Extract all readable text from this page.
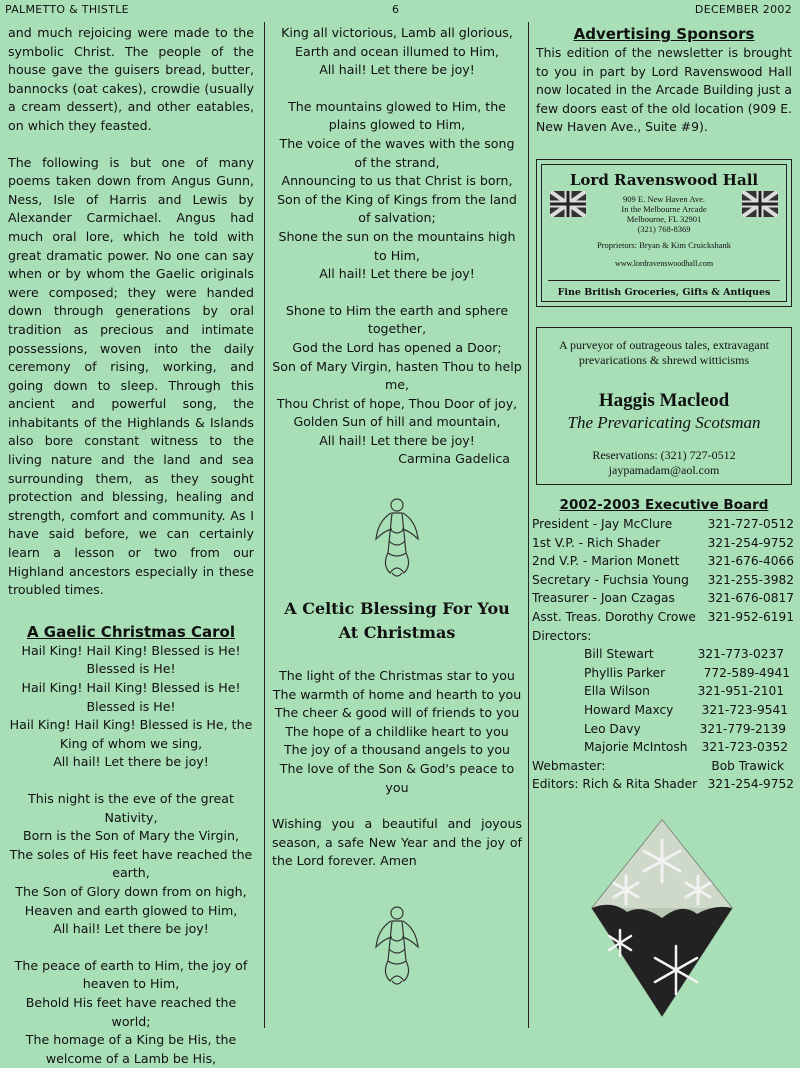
PALMETTO & THISTLE	6	DECEMBER 2002

and much rejoicing were made to the symbolic Christ. The people of the house gave the guisers bread, butter, bannocks (oat cakes), crowdie (usually a cream dessert), and other eatables, on which they feasted.

The following is but one of many poems taken down from Angus Gunn, Ness, Isle of Harris and Lewis by Alexander Carmichael. Angus had much oral lore, which he told with great dramatic power. No one can say when or by whom the Gaelic originals were composed; they were handed down through generations by oral tradition as precious and intimate possessions, woven into the daily ceremony of rising, working, and going down to sleep. Through this ancient and powerful song, the inhabitants of the Highlands & Islands also bore constant witness to the living nature and the land and sea surrounding them, as they sought protection and blessing, healing and strength, comfort and community. As I have said before, we can certainly learn a lesson or two from our Highland ancestors especially in these troubled times.

A Gaelic Christmas Carol
Hail King! Hail King! Blessed is He! Blessed is He!
Hail King! Hail King! Blessed is He! Blessed is He!
Hail King! Hail King! Blessed is He, the King of whom we sing,
All hail! Let there be joy!
This night is the eve of the great Nativity,
Born is the Son of Mary the Virgin,
The soles of His feet have reached the earth,
The Son of Glory down from on high,
Heaven and earth glowed to Him,
All hail! Let there be joy!
The peace of earth to Him, the joy of heaven to Him,
Behold His feet have reached the world;
The homage of a King be His, the welcome of a Lamb be His,
King all victorious, Lamb all glorious,
Earth and ocean illumed to Him,
All hail! Let there be joy!
The mountains glowed to Him, the plains glowed to Him,
The voice of the waves with the song of the strand,
Announcing to us that Christ is born,
Son of the King of Kings from the land of salvation;
Shone the sun on the mountains high to Him,
All hail! Let there be joy!
Shone to Him the earth and sphere together,
God the Lord has opened a Door;
Son of Mary Virgin, hasten Thou to help me,
Thou Christ of hope, Thou Door of joy,
Golden Sun of hill and mountain,
All hail! Let there be joy!
Carmina Gadelica
A Celtic Blessing For You
At Christmas
The light of the Christmas star to you
The warmth of home and hearth to you
The cheer & good will of friends to you
The hope of a childlike heart to you
The joy of a thousand angels to you
The love of the Son & God's peace to you

Wishing you a beautiful and joyous season, a safe New Year and the joy of the Lord forever. Amen

Advertising Sponsors

This edition of the newsletter is brought to you in part by Lord Ravenswood Hall now located in the Arcade Building just a few doors east of the old location (909 E. New Haven Ave., Suite #9).

Lord Ravenswood Hall
909 E. New Haven Ave.
In the Melbourne Arcade
Melbourne, FL 32901
(321) 768-8369
Proprietors: Bryan & Kim Cruickshank
www.lordravenswoodhall.com
Fine British Groceries, Gifts & Antiques
A purveyor of outrageous tales, extravagant prevarications & shrewd witticisms
Haggis Macleod
The Prevaricating Scotsman
Reservations: (321) 727-0512
jaypamadam@aol.com
2002-2003 Executive Board
President - Jay McClure	321-727-0512
1st V.P. - Rich Shader	321-254-9752
2nd V.P. - Marion Monett 321-676-4066
Secretary - Fuchsia Young 321-255-3982
Treasurer - Joan Czagas	321-676-0817
Asst. Treas. Dorothy Crowe 321-952-6191
Directors:
Bill Stewart	321-773-0237
Phyllis Parker	772-589-4941
Ella Wilson	321-951-2101
Howard Maxcy 321-723-9541
Leo Davy	321-779-2139
Majorie McIntosh 321-723-0352
Webmaster:	Bob Trawick
Editors: Rich & Rita Shader 321-254-9752
